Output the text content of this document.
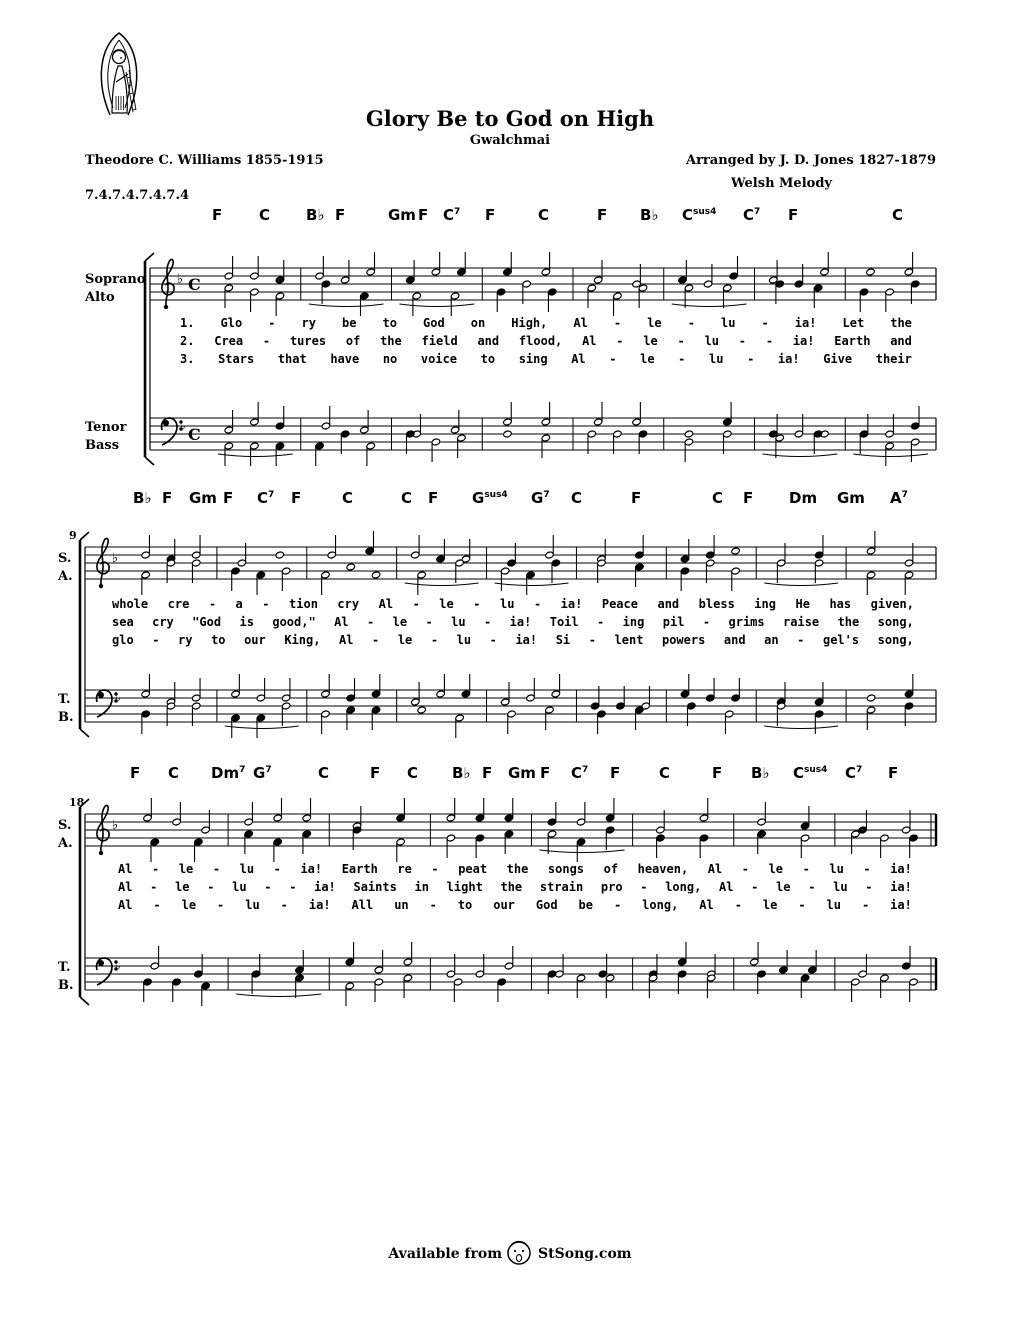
♭
♭
C
C
♭
♭
♭
♭
Glory Be to God on High
Gwalchmai
Theodore C. Williams 1855-1915	Arranged by J. D. Jones 1827-1879
Welsh Melody
7.4.7.4.7.4.7.4
F C B♭ F	Gm F $C^7$ F	C	F B♭ $C^{sus4}$ $C^7$ F	C
B♭ F Gm F $C^7$ F	C	C F $G^{sus4}$ $G^7$ C	F	C F Dm Gm $A^7$
F C Dm$^7$ $G^7$	C	F C B♭ F Gm F $C^7$ F	C	F B♭ $C^{sus4}$ $C^7$ F
1. Glo - ry be to God on High, Al - le - lu - ia! Let the
2. Crea - tures of the field and flood, Al - le - lu - - ia! Earth and
3. Stars that have no voice to sing Al - le - lu - ia! Give their
whole cre - a - tion cry Al - le - lu - ia! Peace and bless ing He has given,
sea cry "God is good," Al - le - lu - ia! Toil - ing pil - grims raise the song,
glo - ry to our King, Al - le - lu - ia! Si - lent powers and an - gel's song,
Al - le - lu - ia! Earth re - peat the songs of heaven, Al - le - lu - ia!
Al - le - lu - - ia! Saints in light the strain pro - long, Al - le - lu - ia!
Al - le - lu - ia! All un - to our God be - long, Al - le - lu - ia!
Soprano
Alto
Tenor
Bass
S.
A.
T.
B.
9
S.
A.
T.
B.
18
Available from	StSong.com
